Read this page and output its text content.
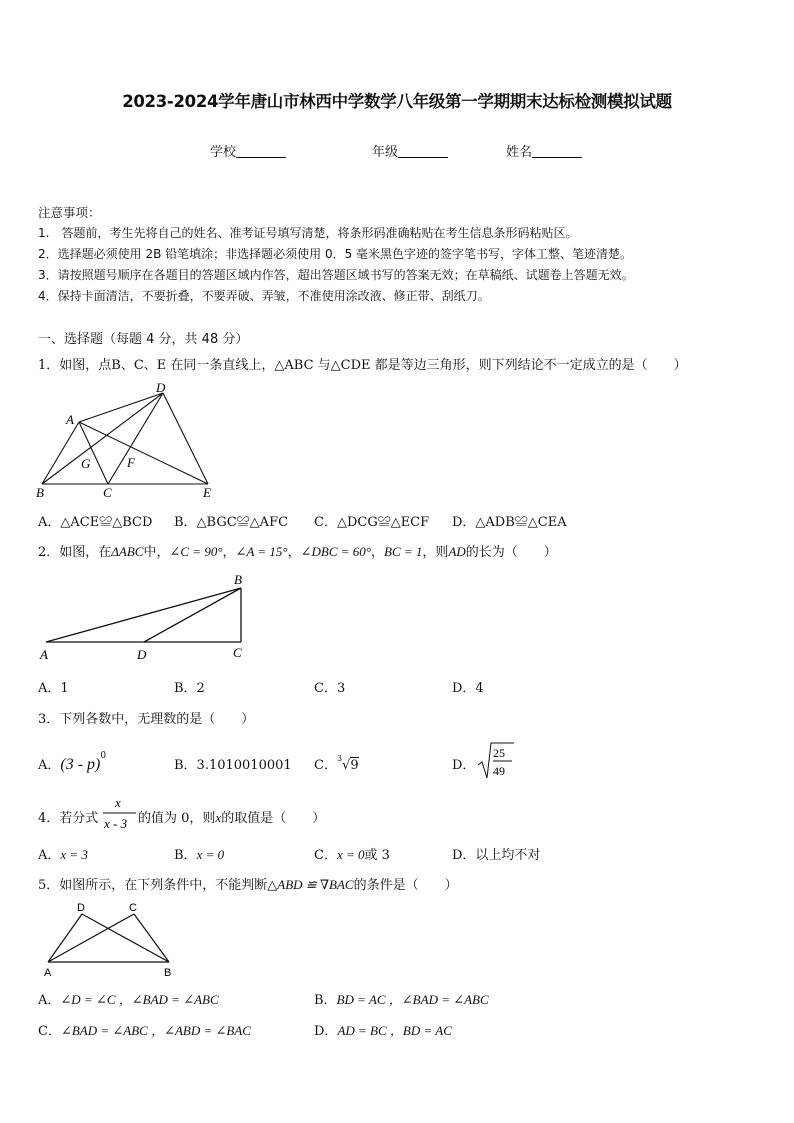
2023-2024学年唐山市林西中学数学八年级第一学期期末达标检测模拟试题
学校	年级	姓名
注意事项：
1.　答题前，考生先将自己的姓名、准考证号填写清楚，将条形码准确粘贴在考生信息条形码粘贴区。
2．选择题必须使用 2B 铅笔填涂；非选择题必须使用 0．5 毫米黑色字迹的签字笔书写，字体工整、笔迹清楚。
3．请按照题号顺序在各题目的答题区域内作答，超出答题区域书写的答案无效；在草稿纸、试题卷上答题无效。
4．保持卡面清洁，不要折叠，不要弄破、弄皱，不准使用涂改液、修正带、刮纸刀。
一、选择题（每题 4 分，共 48 分）
1．如图，点B、C、E 在同一条直线上，△ABC 与△CDE 都是等边三角形，则下列结论不一定成立的是（　　）
D
A
G	F
B	C	E
A．△ACE≌△BCD B．△BGC≌△AFC C．△DCG≌△ECF D．△ADB≌△CEA
2．如图，在ΔABC中，∠C = 90°，∠A = 15°，∠DBC = 60°，BC = 1，则AD的长为（　　）
B
A	D	C
A．1	B．2	C．3	D．4
3．下列各数中，无理数的是（　　）
A．(3 - p)$^0$
B．3.1010010001 C．$^3$√9	D．
25
49
4．若分式
x
x - 3 的值为 0，则x的取值是（　　）
A．x = 3	B．x = 0	C．x = 0或 3	D．以上均不对
5．如图所示，在下列条件中，不能判断△ABD ≌ ∇BAC的条件是（　　）
D	C
A	B
A．∠D = ∠C ，∠BAD = ∠ABC	B．BD = AC ，∠BAD = ∠ABC
C．∠BAD = ∠ABC ，∠ABD = ∠BAC	D．AD = BC ，BD = AC
